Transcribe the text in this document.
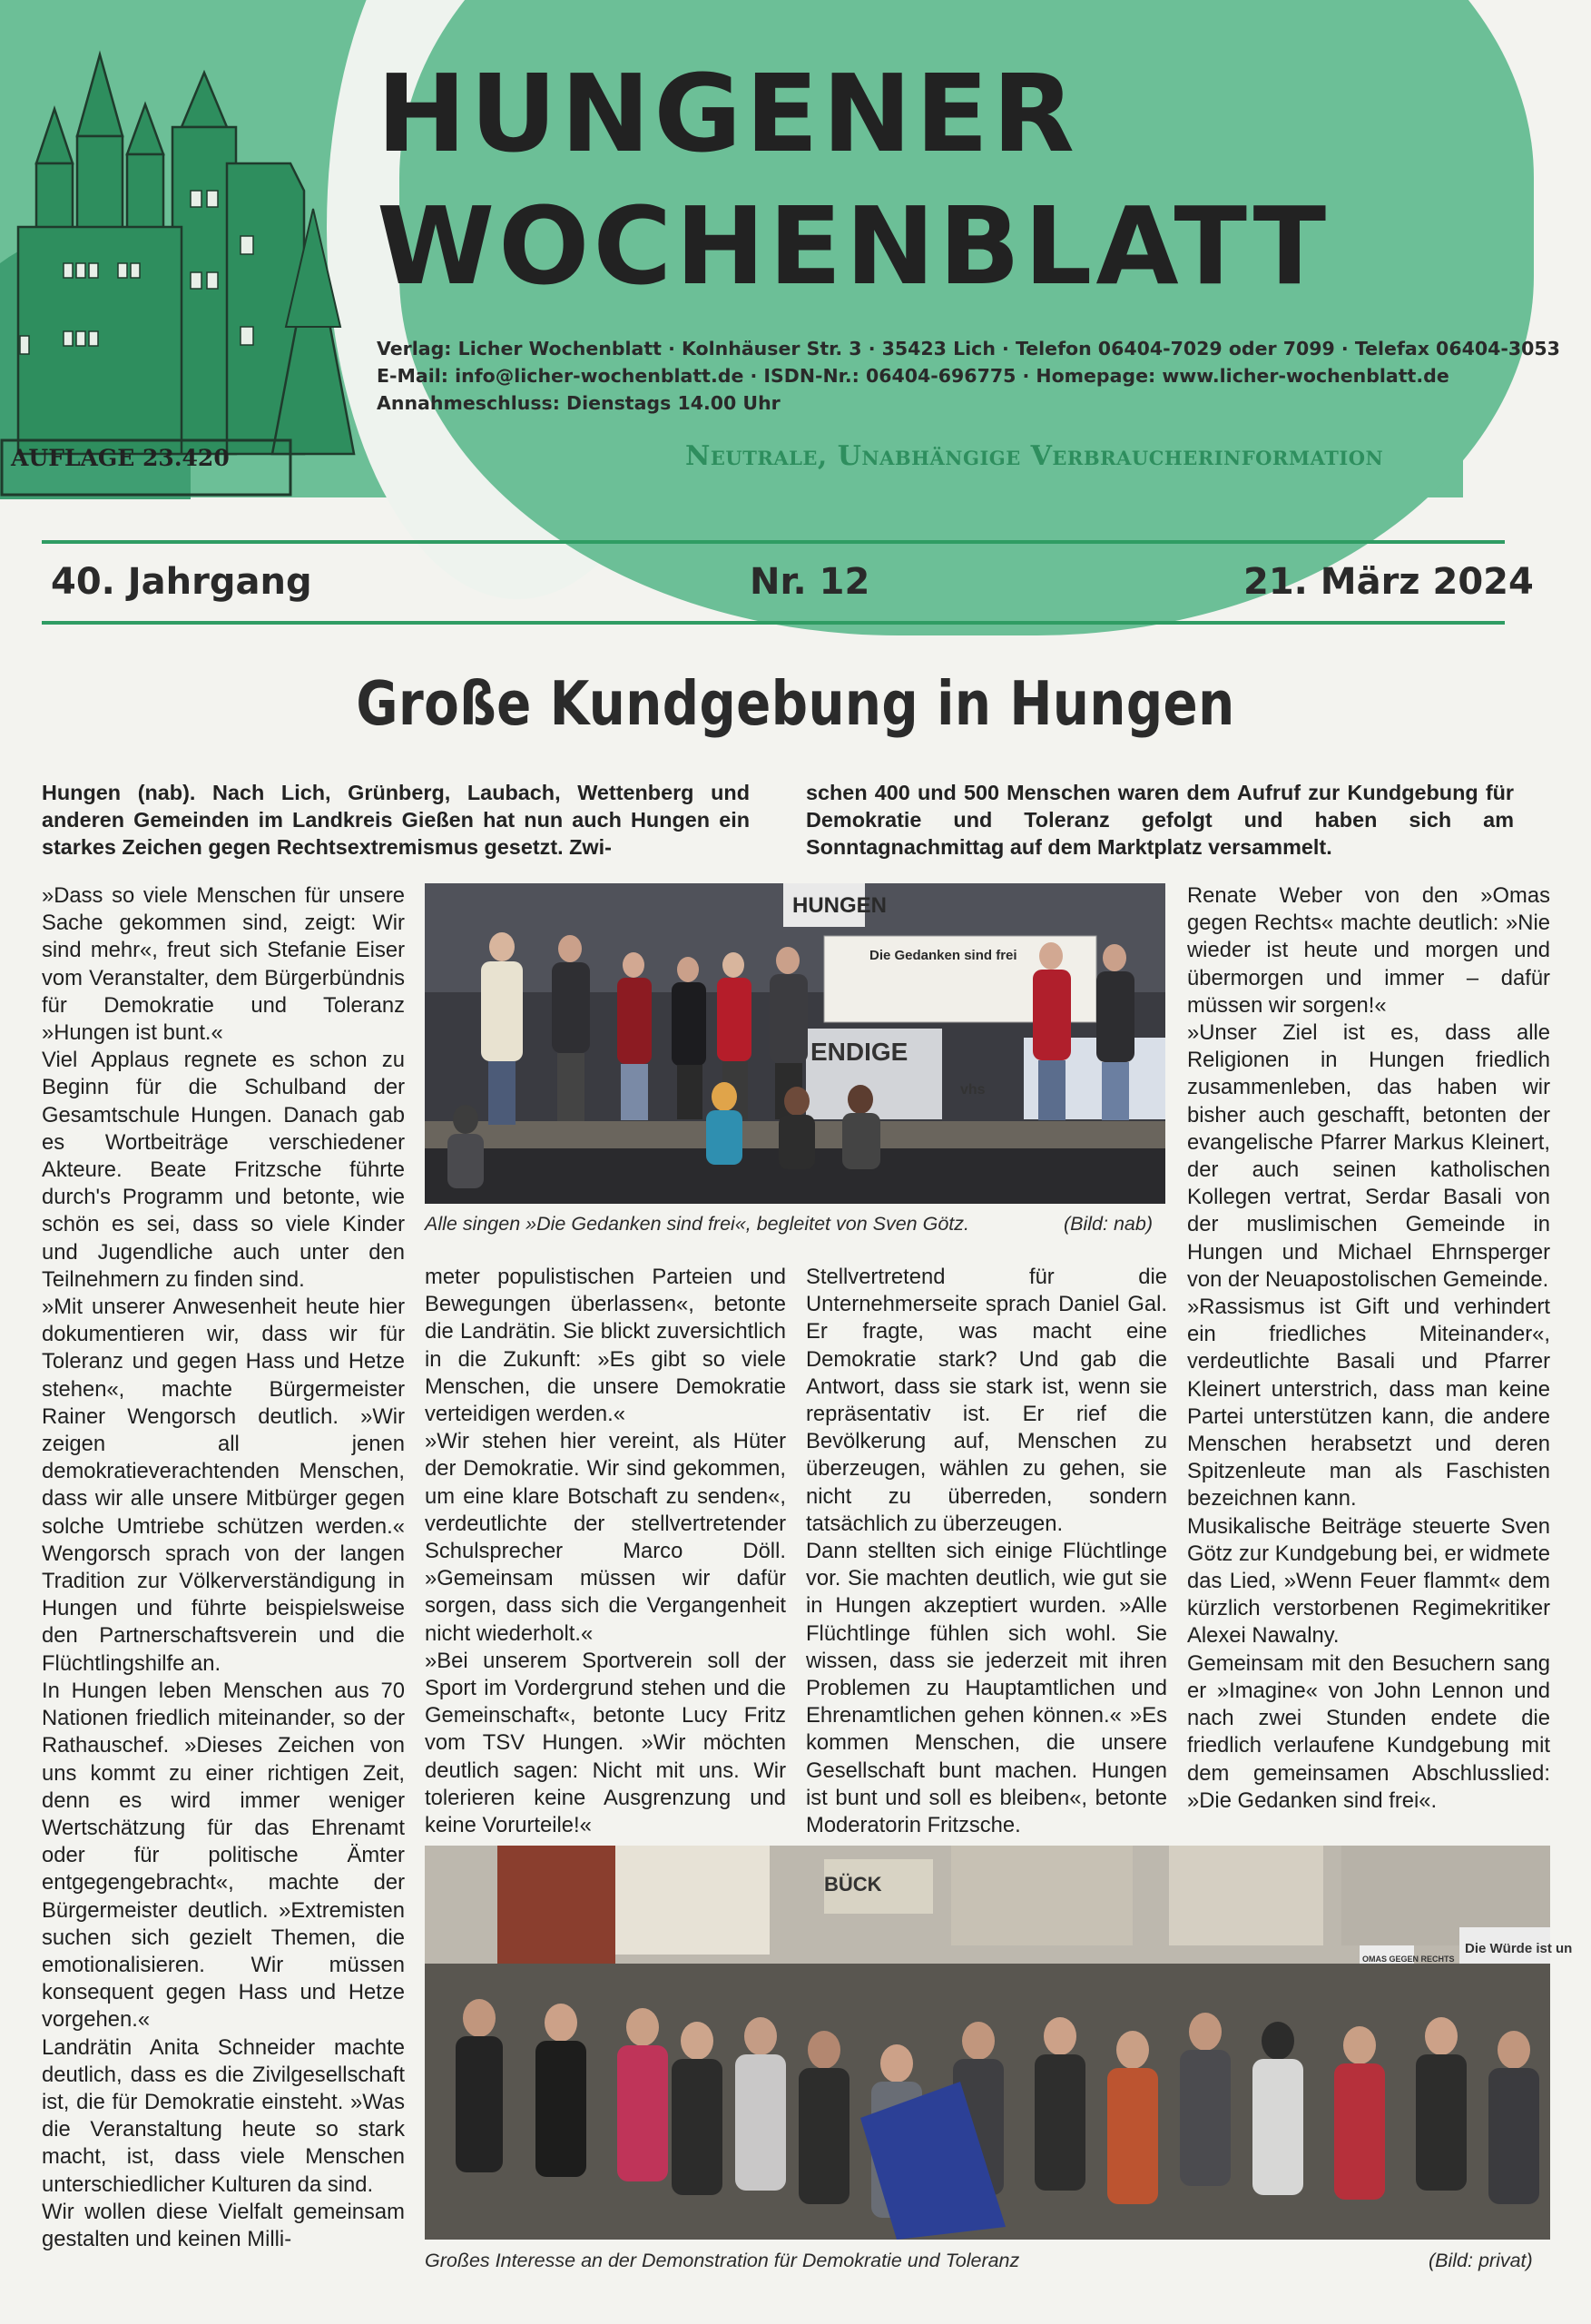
HUNGENER
WOCHENBLATT
Verlag: Licher Wochenblatt · Kolnhäuser Str. 3 · 35423 Lich · Telefon 06404-7029 oder 7099 · Telefax 06404-3053
E-Mail: info@licher-wochenblatt.de · ISDN-Nr.: 06404-696775 · Homepage: www.licher-wochenblatt.de
Annahmeschluss: Dienstags 14.00 Uhr
AUFLAGE 23.420	Neutrale, Unabhängige Verbraucherinformation
40. Jahrgang	Nr. 12	21. März 2024
Große Kundgebung in Hungen
Hungen (nab). Nach Lich, Grünberg, Laubach, Wettenberg und anderen Gemeinden im Landkreis Gießen hat nun auch Hungen ein starkes Zeichen gegen Rechtsextremismus gesetzt. Zwi-
schen 400 und 500 Menschen waren dem Aufruf zur Kundgebung für Demokratie und Toleranz gefolgt und haben sich am Sonntagnachmittag auf dem Marktplatz versammelt.

»Dass so viele Menschen für unsere Sache gekommen sind, zeigt: Wir sind mehr«, freut sich Stefanie Eiser vom Veranstalter, dem Bürgerbündnis für Demokratie und Toleranz »Hungen ist bunt.«

Viel Applaus regnete es schon zu Beginn für die Schulband der Gesamtschule Hungen. Danach gab es Wortbeiträge verschiedener Akteure. Beate Fritzsche führte durch's Programm und betonte, wie schön es sei, dass so viele Kinder und Jugendliche auch unter den Teilnehmern zu finden sind.

»Mit unserer Anwesenheit heute hier dokumentieren wir, dass wir für Toleranz und gegen Hass und Hetze stehen«, machte Bürgermeister Rainer Wengorsch deutlich. »Wir zeigen all jenen demokratieverachtenden Menschen, dass wir alle unsere Mitbürger gegen solche Umtriebe schützen werden.« Wengorsch sprach von der langen Tradition zur Völkerverständigung in Hungen und führte beispielsweise den Partnerschaftsverein und die Flüchtlingshilfe an.

In Hungen leben Menschen aus 70 Nationen friedlich miteinander, so der Rathauschef. »Dieses Zeichen von uns kommt zu einer richtigen Zeit, denn es wird immer weniger Wertschätzung für das Ehrenamt oder für politische Ämter entgegengebracht«, machte der Bürgermeister deutlich. »Extremisten suchen sich gezielt Themen, die emotionalisieren. Wir müssen konsequent gegen Hass und Hetze vorgehen.«

Landrätin Anita Schneider machte deutlich, dass es die Zivilgesellschaft ist, die für Demokratie einsteht. »Was die Veranstaltung heute so stark macht, ist, dass viele Menschen unterschiedlicher Kulturen da sind.

Wir wollen diese Vielfalt gemeinsam gestalten und keinen Milli-

meter populistischen Parteien und Bewegungen überlassen«, betonte die Landrätin. Sie blickt zuversichtlich in die Zukunft: »Es gibt so viele Menschen, die unsere Demokratie verteidigen werden.«

»Wir stehen hier vereint, als Hüter der Demokratie. Wir sind gekommen, um eine klare Botschaft zu senden«, verdeutlichte der stellvertretender Schulsprecher Marco Döll. »Gemeinsam müssen wir dafür sorgen, dass sich die Vergangenheit nicht wiederholt.«

»Bei unserem Sportverein soll der Sport im Vordergrund stehen und die Gemeinschaft«, betonte Lucy Fritz vom TSV Hungen. »Wir möchten deutlich sagen: Nicht mit uns. Wir tolerieren keine Ausgrenzung und keine Vorurteile!«

Stellvertretend für die Unternehmerseite sprach Daniel Gal. Er fragte, was macht eine Demokratie stark? Und gab die Antwort, dass sie stark ist, wenn sie repräsentativ ist. Er rief die Bevölkerung auf, Menschen zu überzeugen, wählen zu gehen, sie nicht zu überreden, sondern tatsächlich zu überzeugen.

Dann stellten sich einige Flüchtlinge vor. Sie machten deutlich, wie gut sie in Hungen akzeptiert wurden. »Alle Flüchtlinge fühlen sich wohl. Sie wissen, dass sie jederzeit mit ihren Problemen zu Hauptamtlichen und Ehrenamtlichen gehen können.« »Es kommen Menschen, die unsere Gesellschaft bunt machen. Hungen ist bunt und soll es bleiben«, betonte Moderatorin Fritzsche.

Renate Weber von den »Omas gegen Rechts« machte deutlich: »Nie wieder ist heute und morgen und übermorgen und immer – dafür müssen wir sorgen!«

»Unser Ziel ist es, dass alle Religionen in Hungen friedlich zusammenleben, das haben wir bisher auch geschafft, betonten der evangelische Pfarrer Markus Kleinert, der auch seinen katholischen Kollegen vertrat, Serdar Basali von der muslimischen Gemeinde in Hungen und Michael Ehrnsperger von der Neuapostolischen Gemeinde.

»Rassismus ist Gift und verhindert ein friedliches Miteinander«, verdeutlichte Basali und Pfarrer Kleinert unterstrich, dass man keine Partei unterstützen kann, die andere Menschen herabsetzt und deren Spitzenleute man als Faschisten bezeichnen kann.

Musikalische Beiträge steuerte Sven Götz zur Kundgebung bei, er widmete das Lied, »Wenn Feuer flammt« dem kürzlich verstorbenen Regimekritiker Alexei Nawalny.

Gemeinsam mit den Besuchern sang er »Imagine« von John Lennon und nach zwei Stunden endete die friedlich verlaufene Kundgebung mit dem gemeinsamen Abschlusslied: »Die Gedanken sind frei«.

HUNGEN
Die Gedanken sind frei
ENDIGE
vhs
Alle singen »Die Gedanken sind frei«, begleitet von Sven Götz.	(Bild: nab)
BÜCK
OMAS GEGEN RECHTS
Die Würde ist un
Großes Interesse an der Demonstration für Demokratie und Toleranz	(Bild: privat)
